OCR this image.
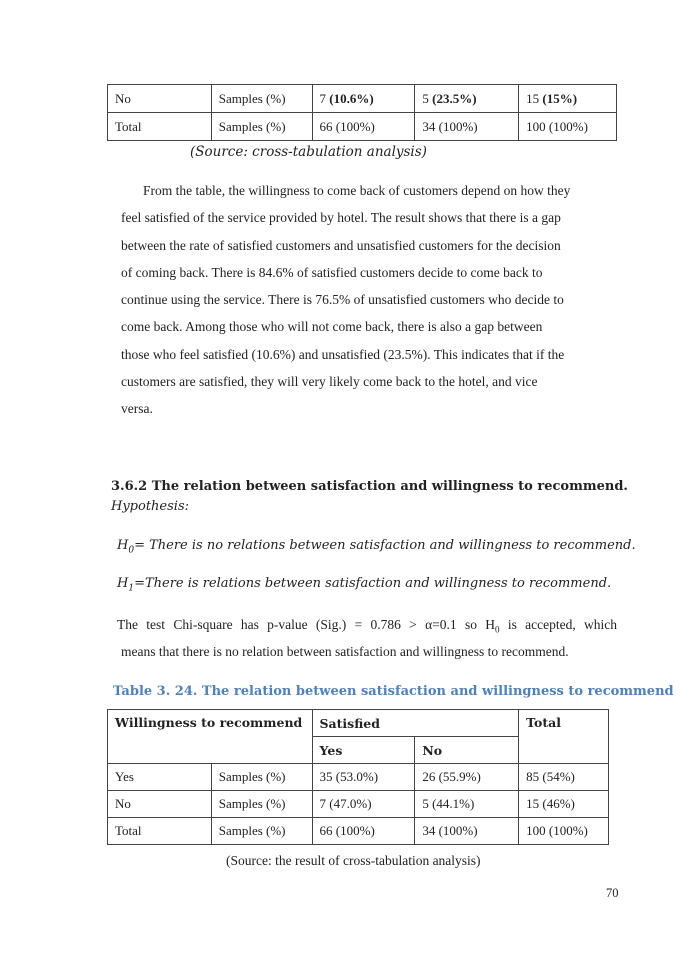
No	Samples (%)	7 (10.6%)	5 (23.5%)	15 (15%)
Total	Samples (%)	66 (100%)	34 (100%)	100 (100%)
(Source: cross-tabulation analysis)
From the table, the willingness to come back of customers depend on how they
feel satisfied of the service provided by hotel. The result shows that there is a gap
between the rate of satisfied customers and unsatisfied customers for the decision
of coming back. There is 84.6% of satisfied customers decide to come back to
continue using the service. There is 76.5% of unsatisfied customers who decide to
come back. Among those who will not come back, there is also a gap between
those who feel satisfied (10.6%) and unsatisfied (23.5%). This indicates that if the
customers are satisfied, they will very likely come back to the hotel, and vice
versa.
3.6.2 The relation between satisfaction and willingness to recommend.
Hypothesis:
$H_0=$ There is no relations between satisfaction and willingness to recommend.
$H_1=There$ is relations between satisfaction and willingness to recommend.
The test Chi-square has p-value (Sig.) = 0.786 > α=0.1 so $H_0$ is accepted, which
means that there is no relation between satisfaction and willingness to recommend.
Table 3. 24. The relation between satisfaction and willingness to recommend
Willingness to recommend		Satisfied		Total
		Yes	No	
Yes	Samples (%)	35 (53.0%)	26 (55.9%)	85 (54%)
No	Samples (%)	7 (47.0%)	5 (44.1%)	15 (46%)
Total	Samples (%)	66 (100%)	34 (100%)	100 (100%)
(Source: the result of cross-tabulation analysis)
70
